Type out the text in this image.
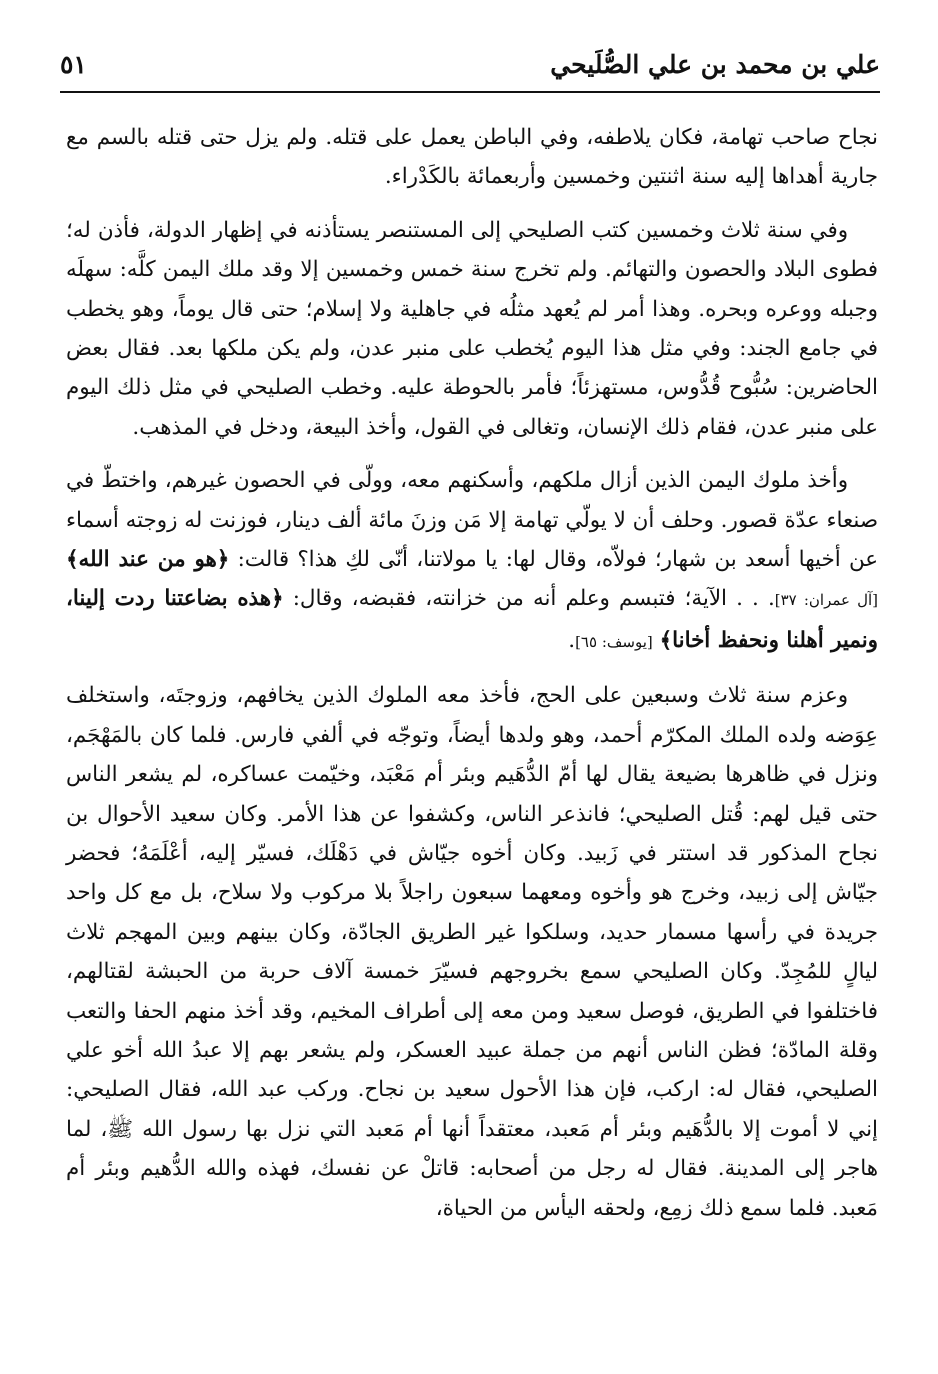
علي بن محمد بن علي الصُّلَيحي
٥١

نجاح صاحب تهامة، فكان يلاطفه، وفي الباطن يعمل على قتله. ولم يزل حتى قتله بالسم مع جارية أهداها إليه سنة اثنتين وخمسين وأربعمائة بالكَدْراء.

وفي سنة ثلاث وخمسين كتب الصليحي إلى المستنصر يستأذنه في إظهار الدولة، فأذن له؛ فطوى البلاد والحصون والتهائم. ولم تخرج سنة خمس وخمسين إلا وقد ملك اليمن كلَّه: سهلَه وجبله ووعره وبحره. وهذا أمر لم يُعهد مثلُه في جاهلية ولا إسلام؛ حتى قال يوماً، وهو يخطب في جامع الجند: وفي مثل هذا اليوم يُخطب على منبر عدن، ولم يكن ملكها بعد. فقال بعض الحاضرين: سُبُّوح قُدُّوس، مستهزئاً؛ فأمر بالحوطة عليه. وخطب الصليحي في مثل ذلك اليوم على منبر عدن، فقام ذلك الإنسان، وتغالى في القول، وأخذ البيعة، ودخل في المذهب.

وأخذ ملوك اليمن الذين أزال ملكهم، وأسكنهم معه، وولّى في الحصون غيرهم، واختطّ في صنعاء عدّة قصور. وحلف أن لا يولّي تهامة إلا مَن وزنَ مائة ألف دينار، فوزنت له زوجته أسماء عن أخيها أسعد بن شهار؛ فولاّه، وقال لها: يا مولاتنا، أنّى لكِ هذا؟ قالت: ﴿هو من عند الله﴾ [آل عمران: ٣٧]. . . الآية؛ فتبسم وعلم أنه من خزانته، فقبضه، وقال: ﴿هذه بضاعتنا ردت إلينا، ونمير أهلنا ونحفظ أخانا﴾ [يوسف: ٦٥].

وعزم سنة ثلاث وسبعين على الحج، فأخذ معه الملوك الذين يخافهم، وزوجتَه، واستخلف عِوَضه ولده الملك المكرّم أحمد، وهو ولدها أيضاً، وتوجّه في ألفي فارس. فلما كان بالمَهْجَم، ونزل في ظاهرها بضيعة يقال لها أمّ الدُّهَيم وبئر أم مَعْبَد، وخيّمت عساكره، لم يشعر الناس حتى قيل لهم: قُتل الصليحي؛ فانذعر الناس، وكشفوا عن هذا الأمر. وكان سعيد الأحوال بن نجاح المذكور قد استتر في زَبيد. وكان أخوه جيّاش في دَهْلَك، فسيّر إليه، أعْلَمَهُ؛ فحضر جيّاش إلى زبيد، وخرج هو وأخوه ومعهما سبعون راجلاً بلا مركوب ولا سلاح، بل مع كل واحد جريدة في رأسها مسمار حديد، وسلكوا غير الطريق الجادّة، وكان بينهم وبين المهجم ثلاث ليالٍ للمُجِدّ. وكان الصليحي سمع بخروجهم فسيّرَ خمسة آلاف حربة من الحبشة لقتالهم، فاختلفوا في الطريق، فوصل سعيد ومن معه إلى أطراف المخيم، وقد أخذ منهم الحفا والتعب وقلة المادّة؛ فظن الناس أنهم من جملة عبيد العسكر، ولم يشعر بهم إلا عبدُ الله أخو علي الصليحي، فقال له: اركب، فإن هذا الأحول سعيد بن نجاح. وركب عبد الله، فقال الصليحي: إني لا أموت إلا بالدُّهَيم وبئر أم مَعبد، معتقداً أنها أم مَعبد التي نزل بها رسول الله ﷺ، لما هاجر إلى المدينة. فقال له رجل من أصحابه: قاتلْ عن نفسك، فهذه والله الدُّهيم وبئر أم مَعبد. فلما سمع ذلك زمِع، ولحقه اليأس من الحياة،
